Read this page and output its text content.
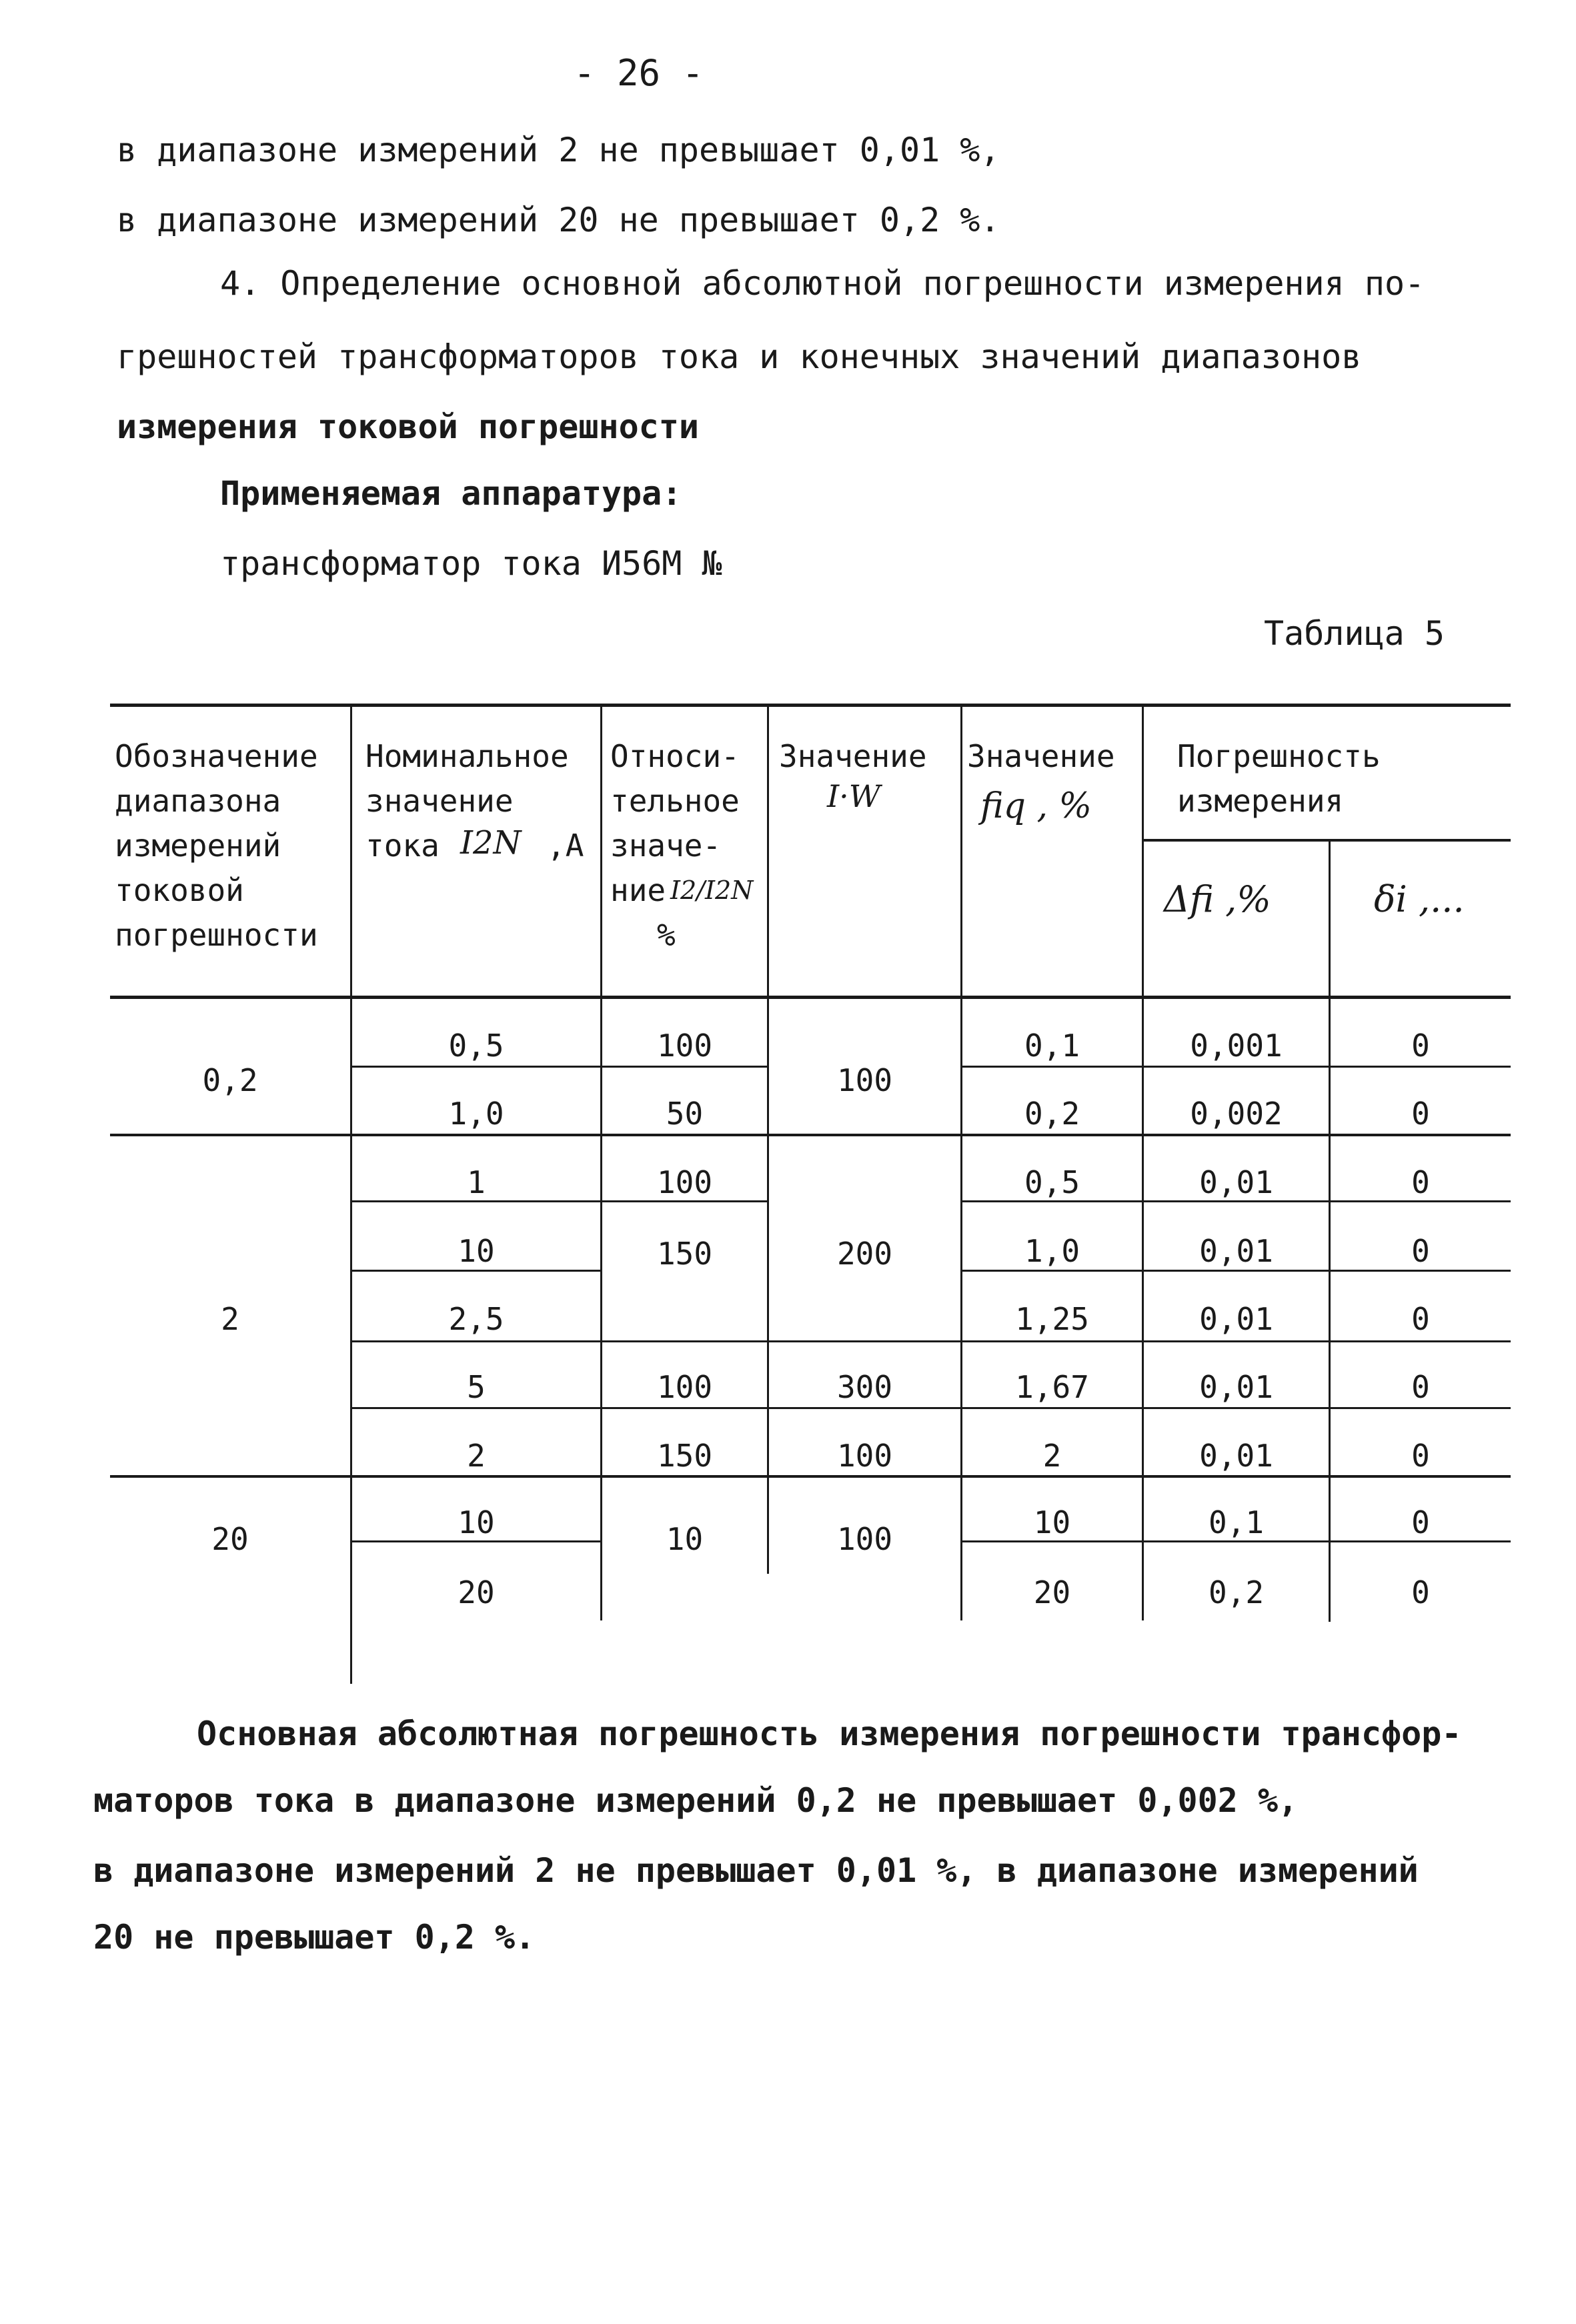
- 26 -
в диапазоне измерений 2 не превышает 0,01 %,
в диапазоне измерений 20 не превышает 0,2 %.
4. Определение основной абсолютной погрешности измерения по-
грешностей трансформаторов тока и конечных значений диапазонов
измерения токовой погрешности
Применяемая аппаратура:
трансформатор тока И56М №
Таблица 5
Обозначение
диапазона
измерений
токовой
погрешности
Номинальное
значение
тока I2N ,А
Относи-
тельное
значе-
ние I2/I2N
%
Значение
I·W
Значение
fiq , %
Погрешность
измерения
Δfi ,%	δi ,...
0,2
2
20
100
200
300
100
100
100
50
100
150
100
150
10
0,5
1,0
1
10
2,5
5
2
10
20
0,1
0,2
0,5
1,0
1,25
1,67
2
10
20
0,001
0,002
0,01
0,01
0,01
0,01
0,01
0,1
0,2
0
0
0
0
0
0
0
0
0
Основная абсолютная погрешность измерения погрешности трансфор-
маторов тока в диапазоне измерений 0,2 не превышает 0,002 %,
в диапазоне измерений 2 не превышает 0,01 %, в диапазоне измерений
20 не превышает 0,2 %.
